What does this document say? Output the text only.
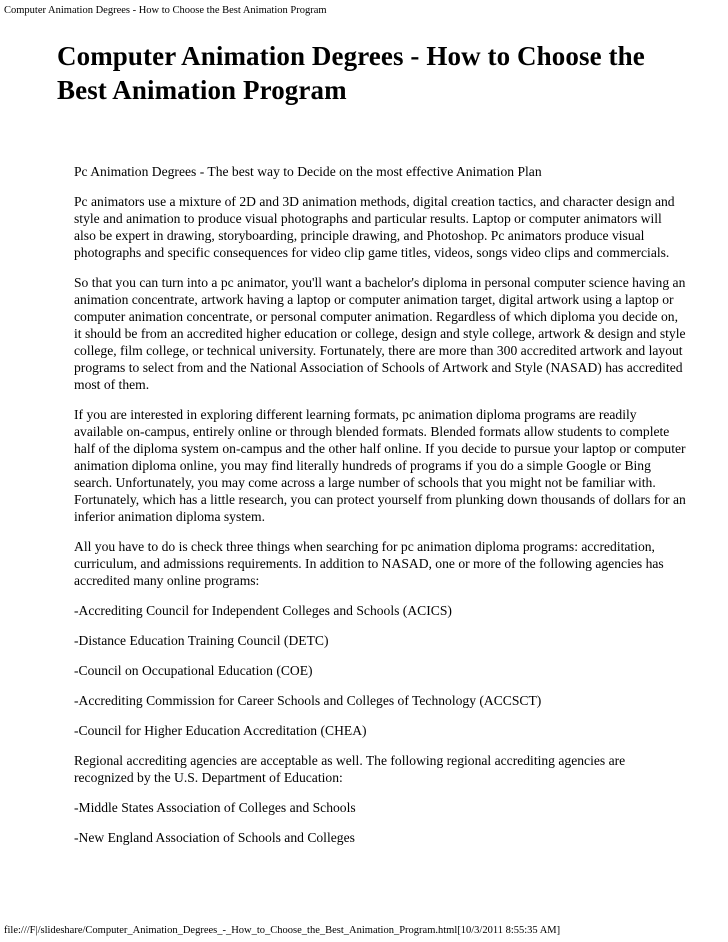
Computer Animation Degrees - How to Choose the Best Animation Program
Computer Animation Degrees - How to Choose the Best Animation Program

Pc Animation Degrees - The best way to Decide on the most effective Animation Plan

Pc animators use a mixture of 2D and 3D animation methods, digital creation tactics, and character design and style and animation to produce visual photographs and particular results. Laptop or computer animators will also be expert in drawing, storyboarding, principle drawing, and Photoshop. Pc animators produce visual photographs and specific consequences for video clip game titles, videos, songs video clips and commercials.

So that you can turn into a pc animator, you'll want a bachelor's diploma in personal computer science having an animation concentrate, artwork having a laptop or computer animation target, digital artwork using a laptop or computer animation concentrate, or personal computer animation. Regardless of which diploma you decide on, it should be from an accredited higher education or college, design and style college, artwork & design and style college, film college, or technical university. Fortunately, there are more than 300 accredited artwork and layout programs to select from and the National Association of Schools of Artwork and Style (NASAD) has accredited most of them.

If you are interested in exploring different learning formats, pc animation diploma programs are readily available on-campus, entirely online or through blended formats. Blended formats allow students to complete half of the diploma system on-campus and the other half online. If you decide to pursue your laptop or computer animation diploma online, you may find literally hundreds of programs if you do a simple Google or Bing search. Unfortunately, you may come across a large number of schools that you might not be familiar with. Fortunately, which has a little research, you can protect yourself from plunking down thousands of dollars for an inferior animation diploma system.

All you have to do is check three things when searching for pc animation diploma programs: accreditation, curriculum, and admissions requirements. In addition to NASAD, one or more of the following agencies has accredited many online programs:

-Accrediting Council for Independent Colleges and Schools (ACICS)

-Distance Education Training Council (DETC)

-Council on Occupational Education (COE)

-Accrediting Commission for Career Schools and Colleges of Technology (ACCSCT)

-Council for Higher Education Accreditation (CHEA)

Regional accrediting agencies are acceptable as well. The following regional accrediting agencies are recognized by the U.S. Department of Education:

-Middle States Association of Colleges and Schools

-New England Association of Schools and Colleges

file:///F|/slideshare/Computer_Animation_Degrees_-_How_to_Choose_the_Best_Animation_Program.html[10/3/2011 8:55:35 AM]
